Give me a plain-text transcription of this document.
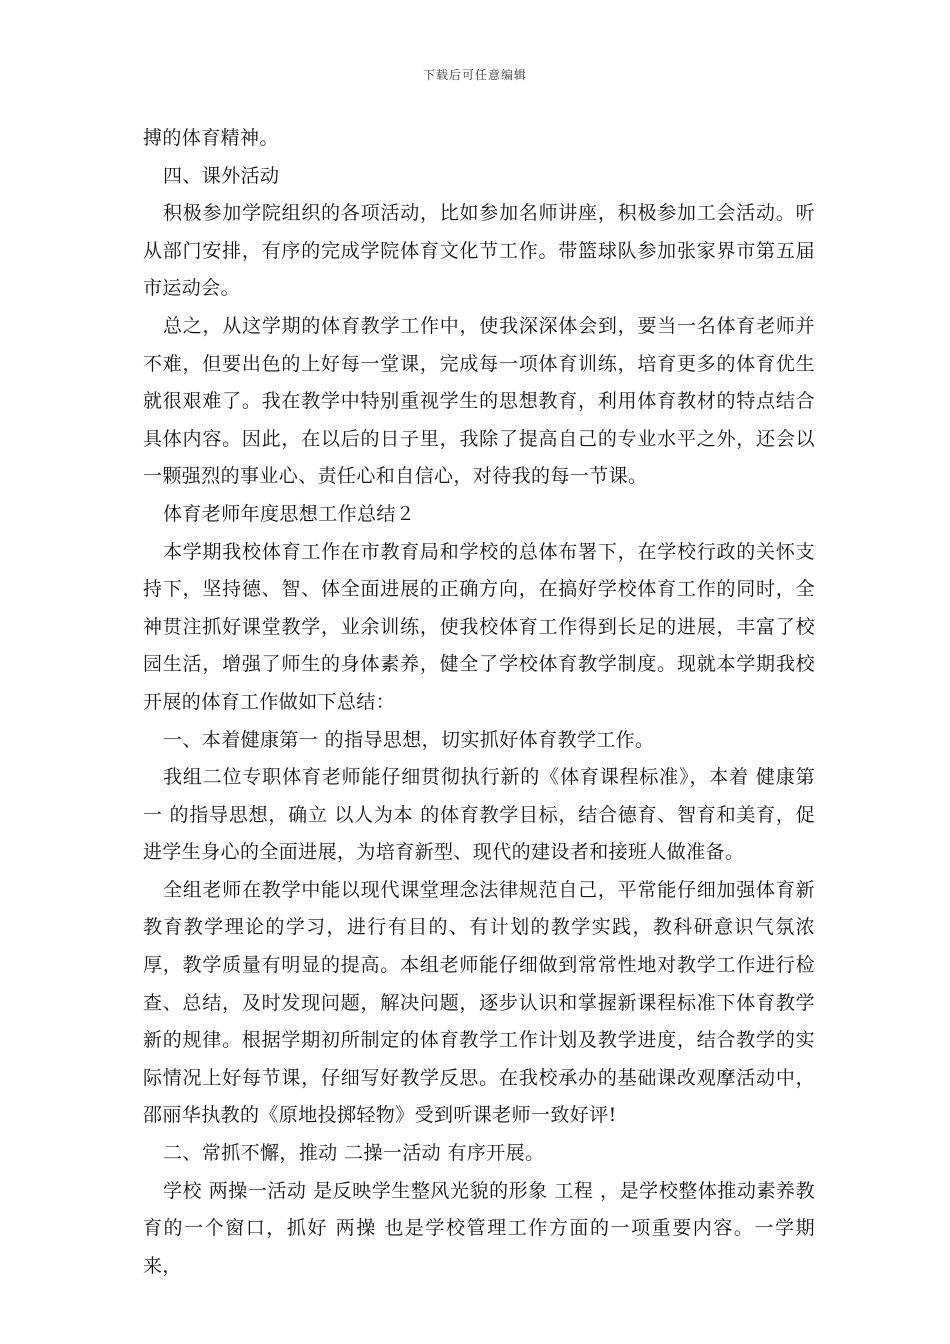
下载后可任意编辑

搏的体育精神。

四、课外活动

积极参加学院组织的各项活动，比如参加名师讲座，积极参加工会活动。听从部门安排，有序的完成学院体育文化节工作。带篮球队参加张家界市第五届市运动会。

总之，从这学期的体育教学工作中，使我深深体会到，要当一名体育老师并不难，但要出色的上好每一堂课，完成每一项体育训练，培育更多的体育优生就很艰难了。我在教学中特别重视学生的思想教育，利用体育教材的特点结合具体内容。因此，在以后的日子里，我除了提高自己的专业水平之外，还会以一颗强烈的事业心、责任心和自信心，对待我的每一节课。

体育老师年度思想工作总结２

本学期我校体育工作在市教育局和学校的总体布署下，在学校行政的关怀支持下，坚持德、智、体全面进展的正确方向，在搞好学校体育工作的同时，全神贯注抓好课堂教学，业余训练，使我校体育工作得到长足的进展，丰富了校园生活，增强了师生的身体素养，健全了学校体育教学制度。现就本学期我校开展的体育工作做如下总结：

一、本着健康第一 的指导思想，切实抓好体育教学工作。

我组二位专职体育老师能仔细贯彻执行新的《体育课程标准》，本着 健康第一 的指导思想，确立 以人为本 的体育教学目标，结合德育、智育和美育，促进学生身心的全面进展，为培育新型、现代的建设者和接班人做准备。

全组老师在教学中能以现代课堂理念法律规范自己，平常能仔细加强体育新教育教学理论的学习，进行有目的、有计划的教学实践，教科研意识气氛浓厚，教学质量有明显的提高。本组老师能仔细做到常常性地对教学工作进行检查、总结，及时发现问题，解决问题，逐步认识和掌握新课程标准下体育教学新的规律。根据学期初所制定的体育教学工作计划及教学进度，结合教学的实际情况上好每节课，仔细写好教学反思。在我校承办的基础课改观摩活动中，邵丽华执教的《原地投掷轻物》受到听课老师一致好评!

二、常抓不懈，推动 二操一活动 有序开展。

学校 两操一活动 是反映学生整风光貌的形象 工程 ，是学校整体推动素养教育的一个窗口，抓好 两操 也是学校管理工作方面的一项重要内容。一学期来，
